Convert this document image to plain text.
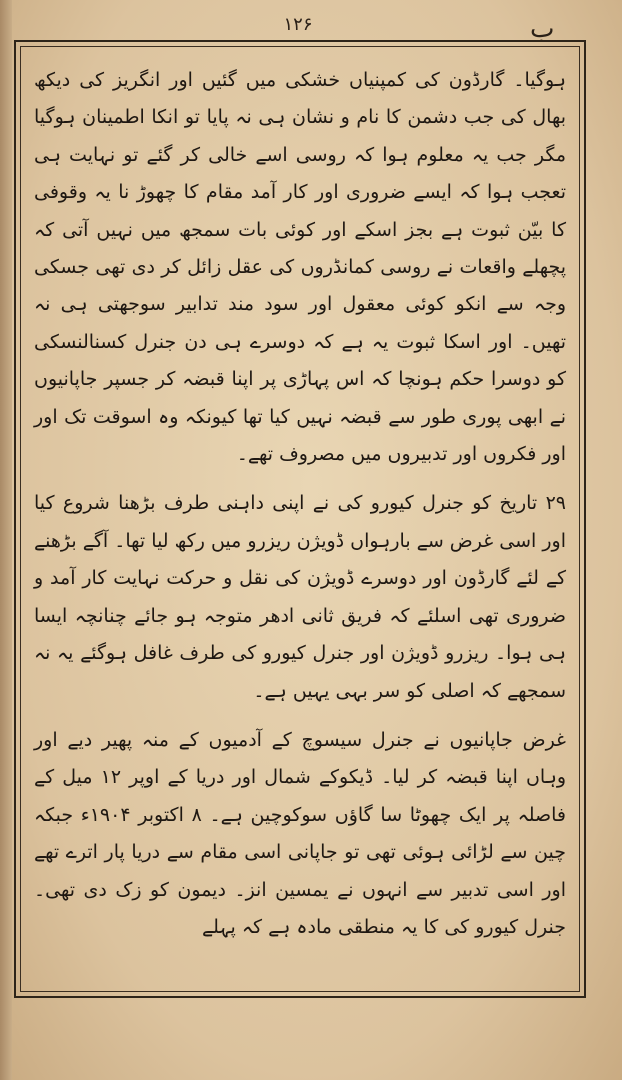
۱۲۶	ب

ہوگیا۔ گارڈون کی کمپنیاں خشکی میں گئیں اور انگریز کی دیکھ بھال کی جب دشمن کا نام و نشان ہی نہ پایا تو انکا اطمینان ہوگیا مگر جب یہ معلوم ہوا کہ روسی اسے خالی کر گئے تو نہایت ہی تعجب ہوا کہ ایسے ضروری اور کار آمد مقام کا چھوڑ نا یہ وقوفی کا بیّن ثبوت ہے بجز اسکے اور کوئی بات سمجھ میں نہیں آتی کہ پچھلے واقعات نے روسی کمانڈروں کی عقل زائل کر دی تھی جسکی وجہ سے انکو کوئی معقول اور سود مند تدابیر سوجھتی ہی نہ تھیں۔ اور اسکا ثبوت یہ ہے کہ دوسرے ہی دن جنرل کسنالنسکی کو دوسرا حکم ہونچا کہ اس پہاڑی پر اپنا قبضہ کر جسپر جاپانیوں نے ابھی پوری طور سے قبضہ نہیں کیا تھا کیونکہ وہ اسوقت تک اور اور فکروں اور تدبیروں میں مصروف تھے۔

۲۹ تاریخ کو جنرل کیورو کی نے اپنی داہنی طرف بڑھنا شروع کیا اور اسی غرض سے بارہواں ڈویژن ریزرو میں رکھ لیا تھا۔ آگے بڑھنے کے لئے گارڈون اور دوسرے ڈویژن کی نقل و حرکت نہایت کار آمد و ضروری تھی اسلئے کہ فریق ثانی ادھر متوجہ ہو جائے چنانچہ ایسا ہی ہوا۔ ریزرو ڈویژن اور جنرل کیورو کی طرف غافل ہوگئے یہ نہ سمجھے کہ اصلی کو سر بہی یہیں ہے۔

غرض جاپانیوں نے جنرل سیسوچ کے آدمیوں کے منہ پھیر دیے اور وہاں اپنا قبضہ کر لیا۔ ڈیکوکے شمال اور دریا کے اوپر ۱۲ میل کے فاصلہ پر ایک چھوٹا سا گاؤں سوکوچین ہے۔ ۸ اکتوبر ۱۹۰۴ء جبکہ چین سے لڑائی ہوئی تھی تو جاپانی اسی مقام سے دریا پار اترے تھے اور اسی تدبیر سے انہوں نے یمسین انز۔ دیمون کو زک دی تھی۔ جنرل کیورو کی کا یہ منطقی مادہ ہے کہ پہلے
